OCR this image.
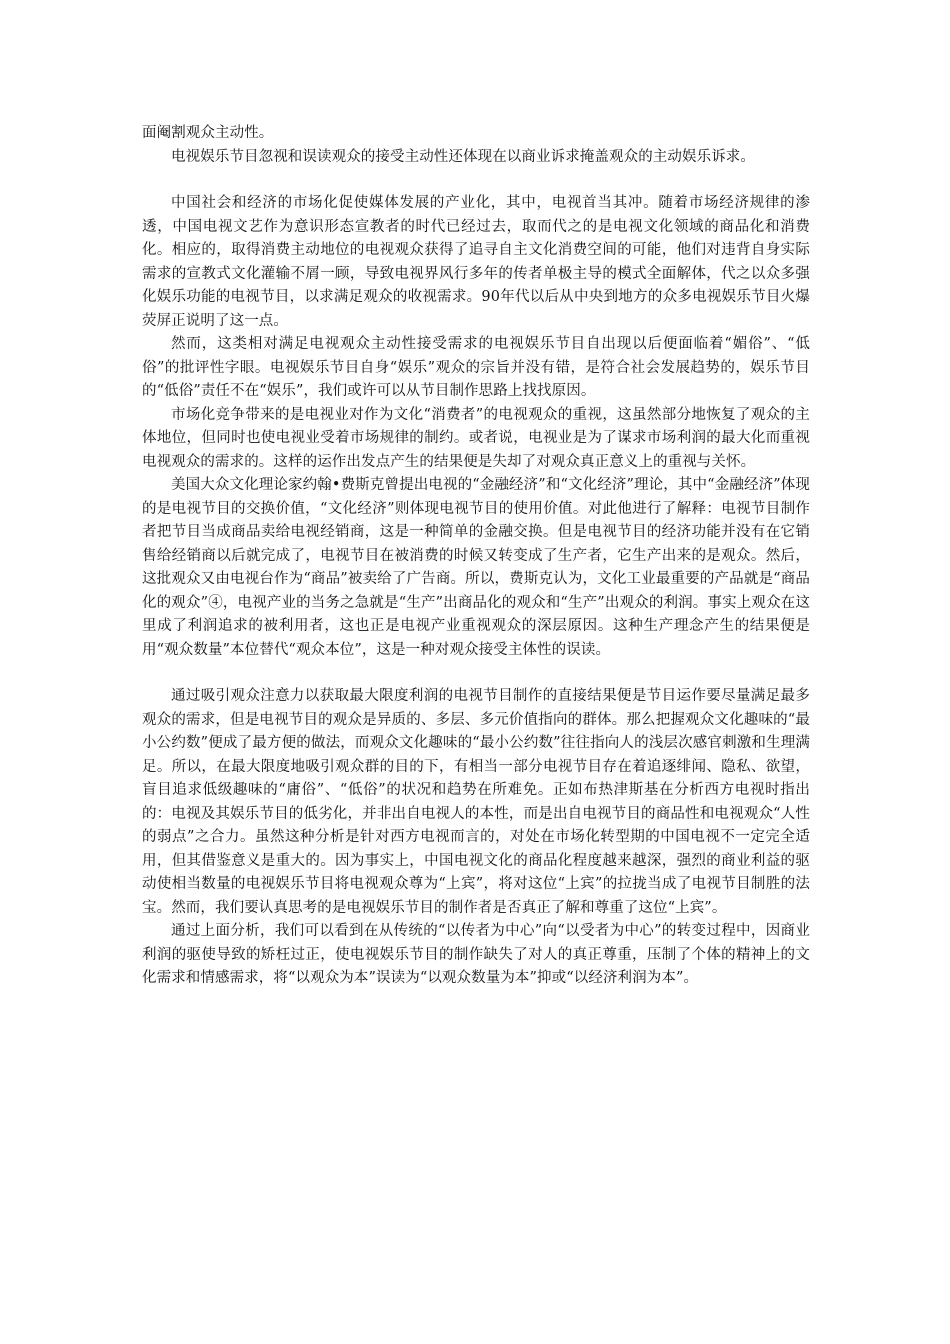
面阉割观众主动性。

电视娱乐节目忽视和误读观众的接受主动性还体现在以商业诉求掩盖观众的主动娱乐诉求。

中国社会和经济的市场化促使媒体发展的产业化，其中，电视首当其冲。随着市场经济规律的渗透，中国电视文艺作为意识形态宣教者的时代已经过去，取而代之的是电视文化领域的商品化和消费化。相应的，取得消费主动地位的电视观众获得了追寻自主文化消费空间的可能，他们对违背自身实际需求的宣教式文化灌输不屑一顾，导致电视界风行多年的传者单极主导的模式全面解体，代之以众多强化娱乐功能的电视节目，以求满足观众的收视需求。90年代以后从中央到地方的众多电视娱乐节目火爆荧屏正说明了这一点。

然而，这类相对满足电视观众主动性接受需求的电视娱乐节目自出现以后便面临着“媚俗”、“低俗”的批评性字眼。电视娱乐节目自身“娱乐”观众的宗旨并没有错，是符合社会发展趋势的，娱乐节目的“低俗”责任不在“娱乐”，我们或许可以从节目制作思路上找找原因。

市场化竞争带来的是电视业对作为文化“消费者”的电视观众的重视，这虽然部分地恢复了观众的主体地位，但同时也使电视业受着市场规律的制约。或者说，电视业是为了谋求市场利润的最大化而重视电视观众的需求的。这样的运作出发点产生的结果便是失却了对观众真正意义上的重视与关怀。

美国大众文化理论家约翰•费斯克曾提出电视的“金融经济”和“文化经济”理论，其中“金融经济”体现的是电视节目的交换价值，“文化经济”则体现电视节目的使用价值。对此他进行了解释：电视节目制作者把节目当成商品卖给电视经销商，这是一种简单的金融交换。但是电视节目的经济功能并没有在它销售给经销商以后就完成了，电视节目在被消费的时候又转变成了生产者，它生产出来的是观众。然后，这批观众又由电视台作为“商品”被卖给了广告商。所以，费斯克认为，文化工业最重要的产品就是“商品化的观众”④，电视产业的当务之急就是“生产”出商品化的观众和“生产”出观众的利润。事实上观众在这里成了利润追求的被利用者，这也正是电视产业重视观众的深层原因。这种生产理念产生的结果便是用“观众数量”本位替代“观众本位”，这是一种对观众接受主体性的误读。

通过吸引观众注意力以获取最大限度利润的电视节目制作的直接结果便是节目运作要尽量满足最多观众的需求，但是电视节目的观众是异质的、多层、多元价值指向的群体。那么把握观众文化趣味的“最小公约数”便成了最方便的做法，而观众文化趣味的“最小公约数”往往指向人的浅层次感官刺激和生理满足。所以，在最大限度地吸引观众群的目的下，有相当一部分电视节目存在着追逐绯闻、隐私、欲望，盲目追求低级趣味的“庸俗”、“低俗”的状况和趋势在所难免。正如布热津斯基在分析西方电视时指出的：电视及其娱乐节目的低劣化，并非出自电视人的本性，而是出自电视节目的商品性和电视观众“人性的弱点”之合力。虽然这种分析是针对西方电视而言的，对处在市场化转型期的中国电视不一定完全适用，但其借鉴意义是重大的。因为事实上，中国电视文化的商品化程度越来越深，强烈的商业利益的驱动使相当数量的电视娱乐节目将电视观众尊为“上宾”，将对这位“上宾”的拉拢当成了电视节目制胜的法宝。然而，我们要认真思考的是电视娱乐节目的制作者是否真正了解和尊重了这位“上宾”。

通过上面分析，我们可以看到在从传统的“以传者为中心”向“以受者为中心”的转变过程中，因商业利润的驱使导致的矫枉过正，使电视娱乐节目的制作缺失了对人的真正尊重，压制了个体的精神上的文化需求和情感需求，将“以观众为本”误读为“以观众数量为本”抑或“以经济利润为本”。
